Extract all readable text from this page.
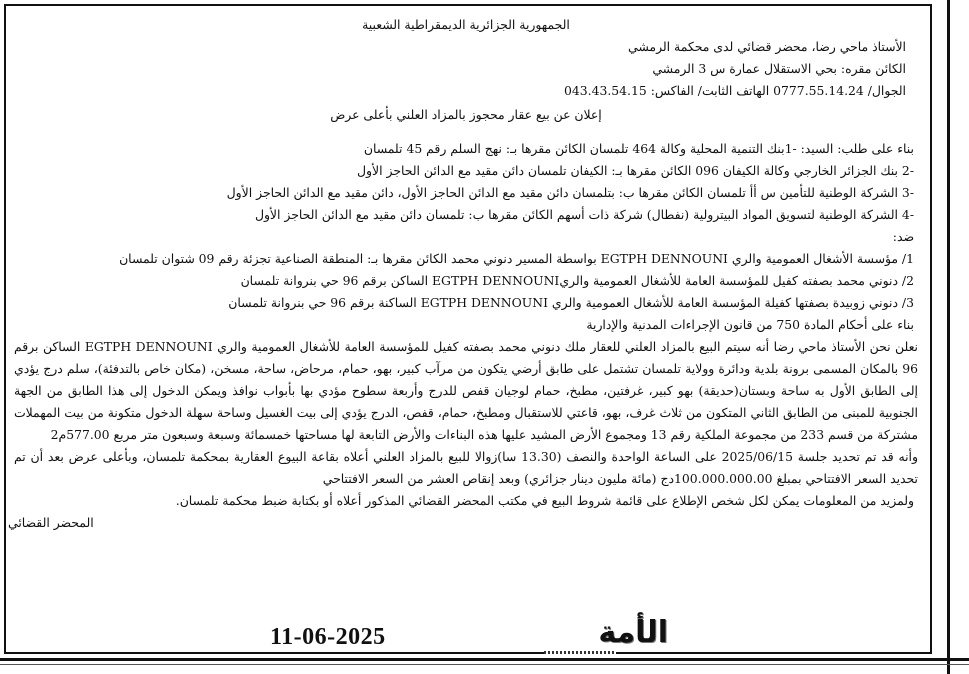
الجمهورية الجزائرية الديمقراطية الشعبية
الأستاذ ماحي رضا، محضر قضائي لدى محكمة الرمشي
الكائن مقره: بحي الاستقلال عمارة س 3 الرمشي
الجوال/ 0777.55.14.24 الهاتف الثابت/ الفاكس: 043.43.54.15
إعلان عن بيع عقار محجوز بالمزاد العلني بأعلى عرض
بناء على طلب: السيد: -1بنك التنمية المحلية وكالة 464 تلمسان الكائن مقرها بـ: نهج السلم رقم 45 تلمسان
-2 بنك الجزائر الخارجي وكالة الكيفان 096 الكائن مقرها بـ: الكيفان تلمسان دائن مقيد مع الدائن الحاجز الأول
-3 الشركة الوطنية للتأمين س أأ تلمسان الكائن مقرها ب: بتلمسان دائن مقيد مع الدائن الحاجز الأول، دائن مقيد مع الدائن الحاجز الأول
-4 الشركة الوطنية لتسويق المواد البيترولية (نفطال) شركة ذات أسهم الكائن مقرها ب: تلمسان دائن مقيد مع الدائن الحاجز الأول
ضد:
1/ مؤسسة الأشغال العمومية والري EGTPH DENNOUNI بواسطة المسير دنوني محمد الكائن مقرها بـ: المنطقة الصناعية تجزئة رقم 09 شتوان تلمسان
2/ دنوني محمد بصفته كفيل للمؤسسة العامة للأشغال العمومية والريEGTPH DENNOUNI الساكن برقم 96 حي بنروانة تلمسان
3/ دنوني زوبيدة بصفتها كفيلة المؤسسة العامة للأشغال العمومية والري EGTPH DENNOUNI الساكنة برقم 96 حي بنروانة تلمسان
بناء على أحكام المادة 750 من قانون الإجراءات المدنية والإدارية
نعلن نحن الأستاذ ماحي رضا أنه سيتم البيع بالمزاد العلني للعقار ملك دنوني محمد بصفته كفيل للمؤسسة العامة للأشغال العمومية والري EGTPH DENNOUNI الساكن برقم 96 بالمكان المسمى برونة بلدية ودائرة وولاية تلمسان تشتمل على طابق أرضي يتكون من مرآب كبير، بهو، حمام، مرحاض، ساحة، مسخن، (مكان خاص بالتدفئة)، سلم درج يؤدي إلى الطابق الأول به ساحة وبستان(حديقة) بهو كبير، غرفتين، مطبخ، حمام لوجيان قفص للدرج وأربعة سطوح مؤدي بها بأبواب نوافذ ويمكن الدخول إلى هذا الطابق من الجهة الجنوبية للمبنى من الطابق الثاني المتكون من ثلاث غرف، بهو، قاعتي للاستقبال ومطبخ، حمام، قفص، الدرج يؤدي إلى بيت الغسيل وساحة سهلة الدخول متكونة من بيت المهملات مشتركة من قسم 233 من مجموعة الملكية رقم 13 ومجموع الأرض المشيد عليها هذه البناءات والأرض التابعة لها مساحتها خمسمائة وسبعة وسبعون متر مربع 577.00م2
وأنه قد تم تحديد جلسة 2025/06/15 على الساعة الواحدة والنصف (13.30 سا)زوالا للبيع بالمزاد العلني أعلاه بقاعة البيوع العقارية بمحكمة تلمسان، وبأعلى عرض بعد أن تم تحديد السعر الافتتاحي بمبلغ 100.000.000.00دج (مائة مليون دينار جزائري) وبعد إنقاص العشر من السعر الافتتاحي
ولمزيد من المعلومات يمكن لكل شخص الإطلاع على قائمة شروط البيع في مكتب المحضر القضائي المذكور أعلاه أو بكتابة ضبط محكمة تلمسان.
المحضر القضائي
11-06-2025	الأمة
